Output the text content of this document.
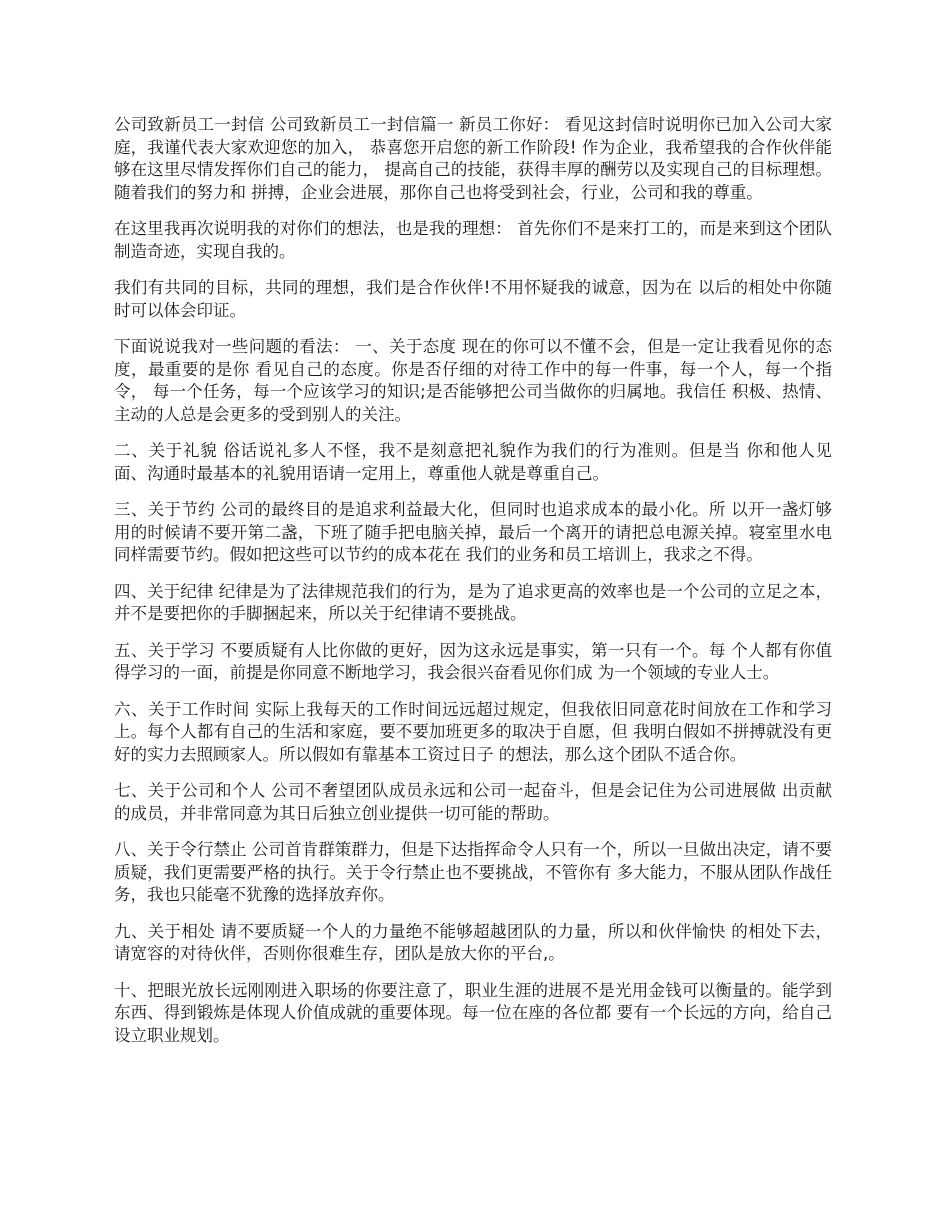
公司致新员工一封信 公司致新员工一封信篇一 新员工你好： 看见这封信时说明你已加入公司大家庭，我谨代表大家欢迎您的加入， 恭喜您开启您的新工作阶段! 作为企业，我希望我的合作伙伴能够在这里尽情发挥你们自己的能力， 提高自己的技能，获得丰厚的酬劳以及实现自己的目标理想。随着我们的努力和 拼搏，企业会进展，那你自己也将受到社会，行业，公司和我的尊重。

在这里我再次说明我的对你们的想法，也是我的理想： 首先你们不是来打工的，而是来到这个团队制造奇迹，实现自我的。

我们有共同的目标，共同的理想，我们是合作伙伴!不用怀疑我的诚意，因为在 以后的相处中你随时可以体会印证。

下面说说我对一些问题的看法： 一、关于态度 现在的你可以不懂不会，但是一定让我看见你的态度，最重要的是你 看见自己的态度。你是否仔细的对待工作中的每一件事，每一个人，每一个指令， 每一个任务，每一个应该学习的知识;是否能够把公司当做你的归属地。我信任 积极、热情、主动的人总是会更多的受到别人的关注。

二、关于礼貌 俗话说礼多人不怪，我不是刻意把礼貌作为我们的行为准则。但是当 你和他人见面、沟通时最基本的礼貌用语请一定用上，尊重他人就是尊重自己。

三、关于节约 公司的最终目的是追求利益最大化，但同时也追求成本的最小化。所 以开一盏灯够用的时候请不要开第二盏，下班了随手把电脑关掉，最后一个离开的请把总电源关掉。寝室里水电同样需要节约。假如把这些可以节约的成本花在 我们的业务和员工培训上，我求之不得。

四、关于纪律 纪律是为了法律规范我们的行为，是为了追求更高的效率也是一个公司的立足之本，并不是要把你的手脚捆起来，所以关于纪律请不要挑战。

五、关于学习 不要质疑有人比你做的更好，因为这永远是事实，第一只有一个。每 个人都有你值得学习的一面，前提是你同意不断地学习，我会很兴奋看见你们成 为一个领域的专业人士。

六、关于工作时间 实际上我每天的工作时间远远超过规定，但我依旧同意花时间放在工作和学习上。每个人都有自己的生活和家庭，要不要加班更多的取决于自愿，但 我明白假如不拼搏就没有更好的实力去照顾家人。所以假如有靠基本工资过日子 的想法，那么这个团队不适合你。

七、关于公司和个人 公司不奢望团队成员永远和公司一起奋斗，但是会记住为公司进展做 出贡献的成员，并非常同意为其日后独立创业提供一切可能的帮助。

八、关于令行禁止 公司首肯群策群力，但是下达指挥命令人只有一个，所以一旦做出决定，请不要质疑，我们更需要严格的执行。关于令行禁止也不要挑战，不管你有 多大能力，不服从团队作战任务，我也只能毫不犹豫的选择放弃你。

九、关于相处 请不要质疑一个人的力量绝不能够超越团队的力量，所以和伙伴愉快 的相处下去，请宽容的对待伙伴，否则你很难生存，团队是放大你的平台,。

十、把眼光放长远刚刚进入职场的你要注意了，职业生涯的进展不是光用金钱可以衡量的。能学到东西、得到锻炼是体现人价值成就的重要体现。每一位在座的各位都 要有一个长远的方向，给自己设立职业规划。
